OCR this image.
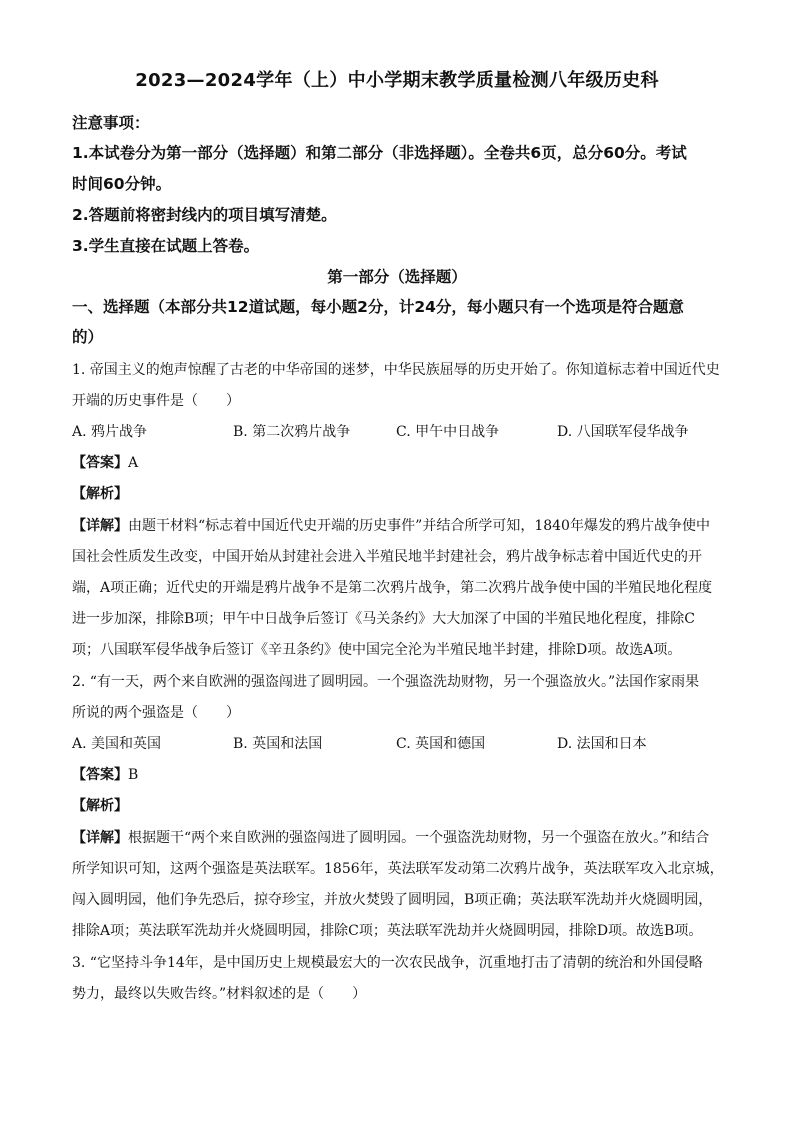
2023—2024学年（上）中小学期末教学质量检测八年级历史科
注意事项：
1.本试卷分为第一部分（选择题）和第二部分（非选择题）。全卷共6页，总分60分。考试
时间60分钟。
2.答题前将密封线内的项目填写清楚。
3.学生直接在试题上答卷。
第一部分（选择题）
一、选择题（本部分共12道试题，每小题2分，计24分，每小题只有一个选项是符合题意
的）
1. 帝国主义的炮声惊醒了古老的中华帝国的迷梦，中华民族屈辱的历史开始了。你知道标志着中国近代史
开端的历史事件是（　　）
A. 鸦片战争	B. 第二次鸦片战争	C. 甲午中日战争	D. 八国联军侵华战争
【答案】A
【解析】
【详解】由题干材料“标志着中国近代史开端的历史事件”并结合所学可知，1840年爆发的鸦片战争使中
国社会性质发生改变，中国开始从封建社会进入半殖民地半封建社会，鸦片战争标志着中国近代史的开
端，A项正确；近代史的开端是鸦片战争不是第二次鸦片战争，第二次鸦片战争使中国的半殖民地化程度
进一步加深，排除B项；甲午中日战争后签订《马关条约》大大加深了中国的半殖民地化程度，排除C
项；八国联军侵华战争后签订《辛丑条约》使中国完全沦为半殖民地半封建，排除D项。故选A项。
2. “有一天，两个来自欧洲的强盗闯进了圆明园。一个强盗洗劫财物，另一个强盗放火。”法国作家雨果
所说的两个强盗是（　　）
A. 美国和英国	B. 英国和法国	C. 英国和德国	D. 法国和日本
【答案】B
【解析】
【详解】根据题干“两个来自欧洲的强盗闯进了圆明园。一个强盗洗劫财物，另一个强盗在放火。”和结合
所学知识可知，这两个强盗是英法联军。1856年，英法联军发动第二次鸦片战争，英法联军攻入北京城，
闯入圆明园，他们争先恐后，掠夺珍宝，并放火焚毁了圆明园，B项正确；英法联军洗劫并火烧圆明园，
排除A项；英法联军洗劫并火烧圆明园，排除C项；英法联军洗劫并火烧圆明园，排除D项。故选B项。
3. “它坚持斗争14年，是中国历史上规模最宏大的一次农民战争，沉重地打击了清朝的统治和外国侵略
势力，最终以失败告终。”材料叙述的是（　　）
